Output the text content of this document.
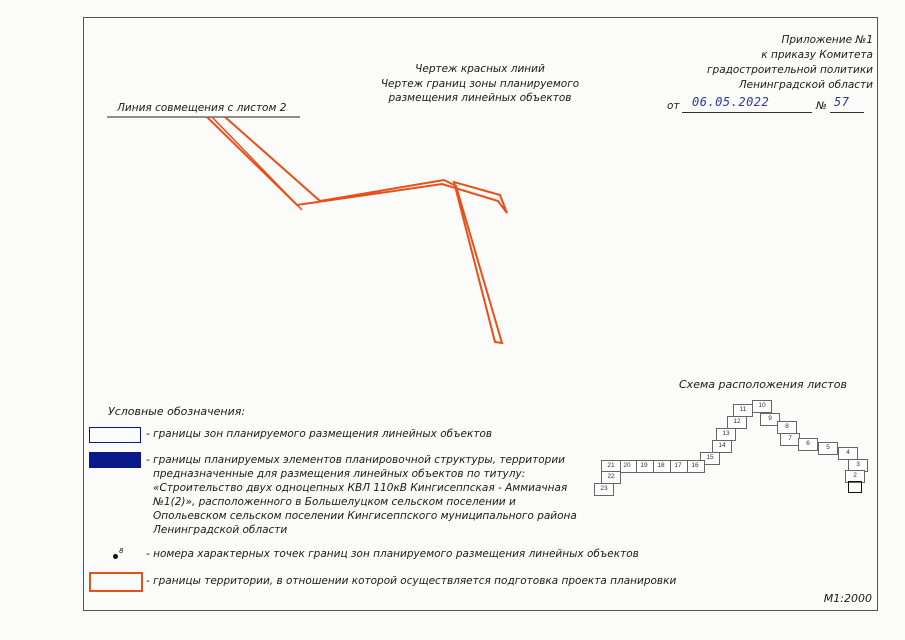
Приложение №1
к приказу Комитета
градостроительной политики
Ленинградской области
от 06.05.2022	№ 57
Чертеж красных линий
Чертеж границ зоны планируемого
размещения линейных объектов
Линия совмещения с листом 2
Схема расположения листов
10
11
9
12
8
13
7
14	6
5
4
15
3
16
17
18
19
20
21
2
22
23
Условные обозначения:
- границы зон планируемого размещения линейных объектов
- границы планируемых элементов планировочной структуры, территории
предназначенные для размещения линейных объектов по титулу:
«Строительство двух одноцепных КВЛ 110кВ Кингисеппская - Аммиачная
№1(2)», расположенного в Большелуцком сельском поселении и
Опольевском сельском поселении Кингисеппского муниципального района
Ленинградской области
8 - номера характерных точек границ зон планируемого размещения линейных объектов
- границы территории, в отношении которой осуществляется подготовка проекта планировки
М1:2000
